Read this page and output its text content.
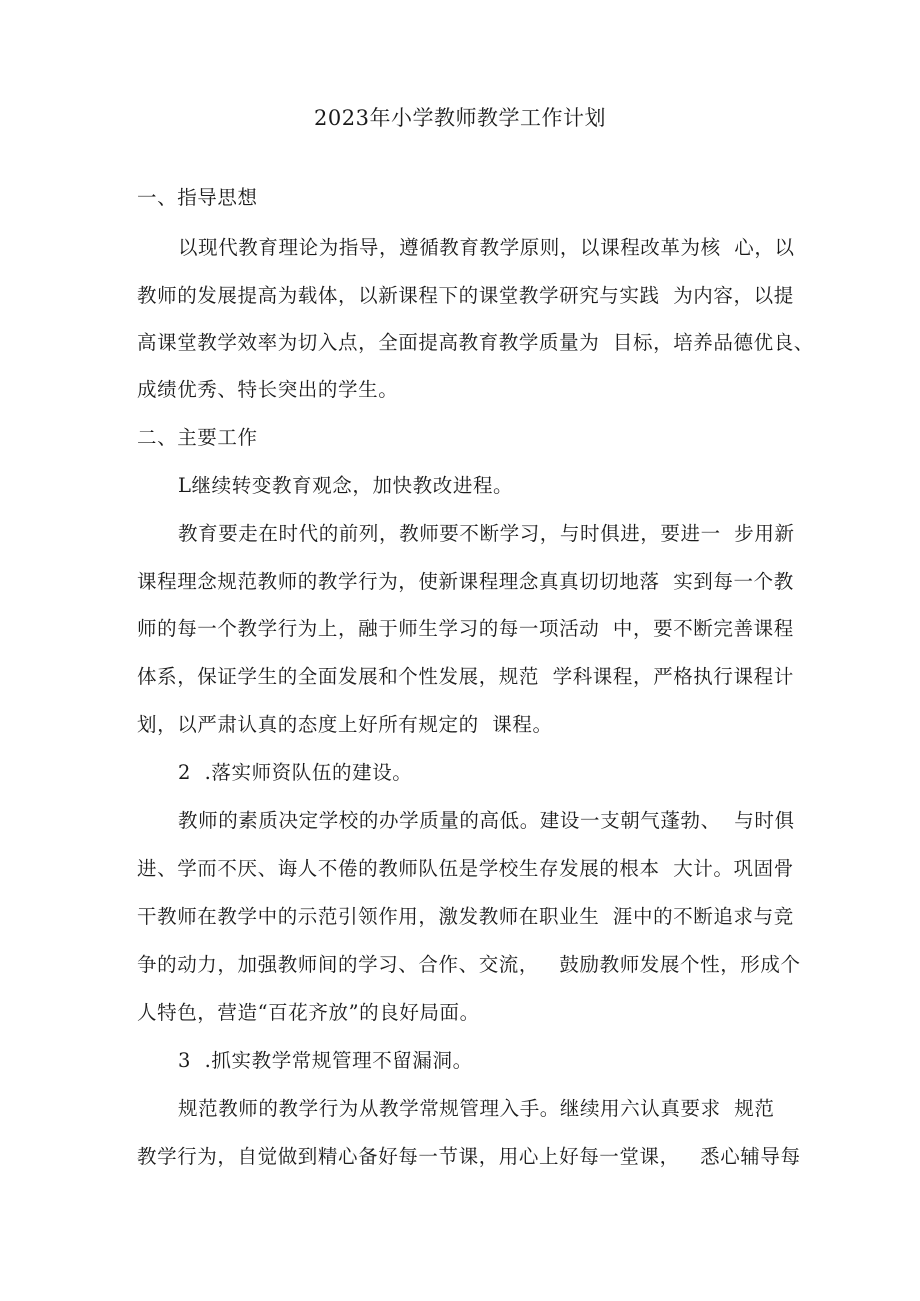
2023年小学教师教学工作计划
一、指导思想
以现代教育理论为指导，遵循教育教学原则，以课程改革为核  心，以
教师的发展提高为载体，以新课程下的课堂教学研究与实践  为内容，以提
高课堂教学效率为切入点，全面提高教育教学质量为  目标，培养品德优良、
成绩优秀、特长突出的学生。
二、主要工作
L继续转变教育观念，加快教改进程。
教育要走在时代的前列，教师要不断学习，与时俱进，要进一  步用新
课程理念规范教师的教学行为，使新课程理念真真切切地落  实到每一个教
师的每一个教学行为上，融于师生学习的每一项活动  中，要不断完善课程
体系，保证学生的全面发展和个性发展，规范  学科课程，严格执行课程计
划，以严肃认真的态度上好所有规定的  课程。
2  .落实师资队伍的建设。
教师的素质决定学校的办学质量的高低。建设一支朝气蓬勃、  与时俱
进、学而不厌、诲人不倦的教师队伍是学校生存发展的根本  大计。巩固骨
干教师在教学中的示范引领作用，激发教师在职业生  涯中的不断追求与竞
争的动力，加强教师间的学习、合作、交流，   鼓励教师发展个性，形成个
人特色，营造“百花齐放”的良好局面。
3  .抓实教学常规管理不留漏洞。
规范教师的教学行为从教学常规管理入手。继续用六认真要求  规范
教学行为，自觉做到精心备好每一节课，用心上好每一堂课，   悉心辅导每
